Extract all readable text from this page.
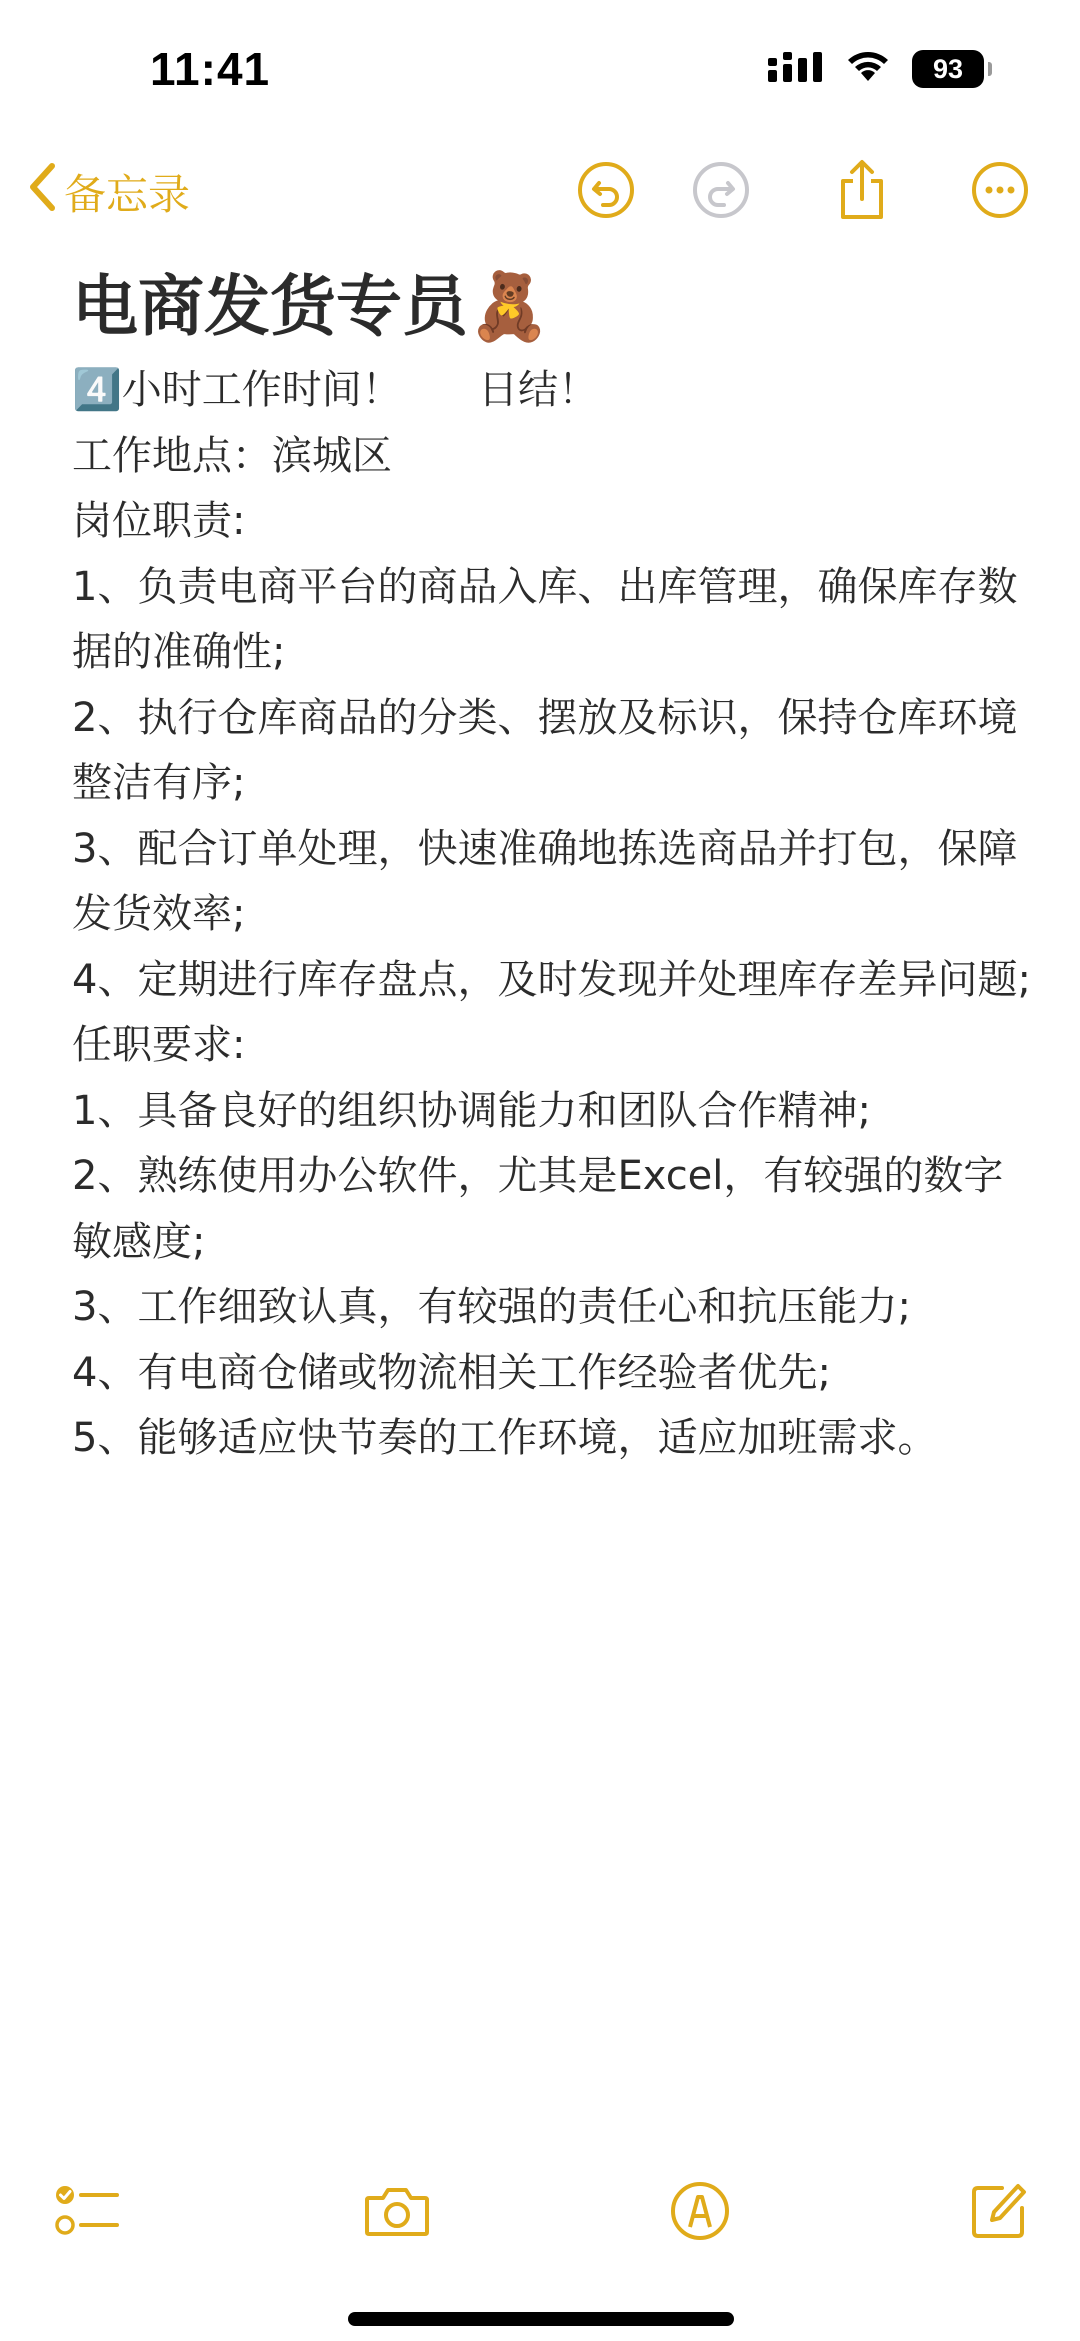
11:41	93
备忘录
电商发货专员🧸
4️⃣小时工作时间！      日结！
工作地点：滨城区
岗位职责:
1、负责电商平台的商品入库、出库管理，确保库存数据的准确性;
2、执行仓库商品的分类、摆放及标识，保持仓库环境整洁有序;
3、配合订单处理，快速准确地拣选商品并打包，保障发货效率;
4、定期进行库存盘点，及时发现并处理库存差异问题;
任职要求:
1、具备良好的组织协调能力和团队合作精神;
2、熟练使用办公软件，尤其是Excel，有较强的数字敏感度;
3、工作细致认真，有较强的责任心和抗压能力;
4、有电商仓储或物流相关工作经验者优先;
5、能够适应快节奏的工作环境，适应加班需求。
